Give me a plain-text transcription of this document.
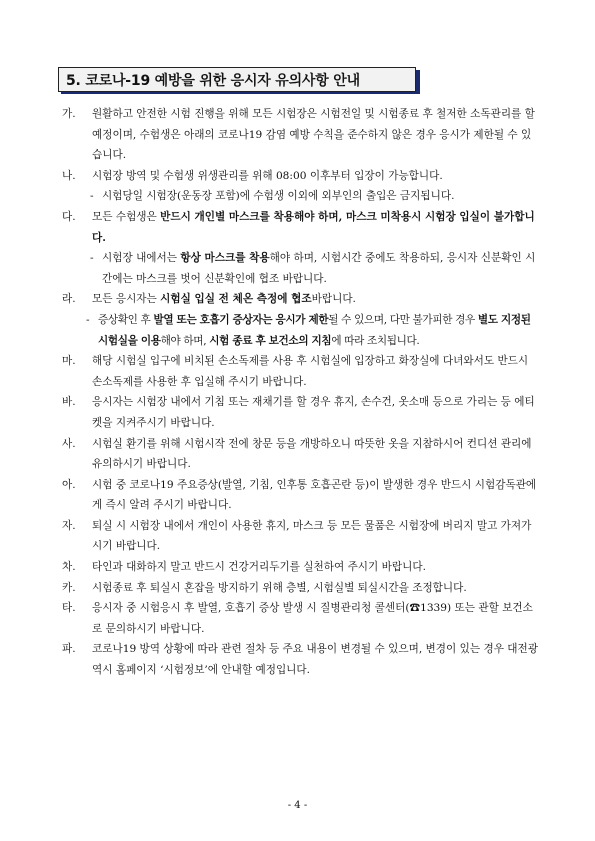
5. 코로나-19 예방을 위한 응시자 유의사항 안내
가. 원활하고 안전한 시험 진행을 위해 모든 시험장은 시험전일 및 시험종료 후 철저한 소독관리를 할 예정이며, 수험생은 아래의 코로나19 감염 예방 수칙을 준수하지 않은 경우 응시가 제한될 수 있습니다.
나. 시험장 방역 및 수험생 위생관리를 위해 08:00 이후부터 입장이 가능합니다.
- 시험당일 시험장(운동장 포함)에 수험생 이외에 외부인의 출입은 금지됩니다.
다. 모든 수험생은 반드시 개인별 마스크를 착용해야 하며, 마스크 미착용시 시험장 입실이 불가합니다.
- 시험장 내에서는 항상 마스크를 착용해야 하며, 시험시간 중에도 착용하되, 응시자 신분확인 시간에는 마스크를 벗어 신분확인에 협조 바랍니다.
라. 모든 응시자는 시험실 입실 전 체온 측정에 협조바랍니다.
- 증상확인 후 발열 또는 호흡기 증상자는 응시가 제한될 수 있으며, 다만 불가피한 경우 별도 지정된 시험실을 이용해야 하며, 시험 종료 후 보건소의 지침에 따라 조치됩니다.
마. 해당 시험실 입구에 비치된 손소독제를 사용 후 시험실에 입장하고 화장실에 다녀와서도 반드시 손소독제를 사용한 후 입실해 주시기 바랍니다.
바. 응시자는 시험장 내에서 기침 또는 재채기를 할 경우 휴지, 손수건, 옷소매 등으로 가리는 등 에티켓을 지켜주시기 바랍니다.
사. 시험실 환기를 위해 시험시작 전에 창문 등을 개방하오니 따뜻한 옷을 지참하시어 컨디션 관리에 유의하시기 바랍니다.
아. 시험 중 코로나19 주요증상(발열, 기침, 인후통 호흡곤란 등)이 발생한 경우 반드시 시험감독관에게 즉시 알려 주시기 바랍니다.
자. 퇴실 시 시험장 내에서 개인이 사용한 휴지, 마스크 등 모든 물품은 시험장에 버리지 말고 가져가시기 바랍니다.
차. 타인과 대화하지 말고 반드시 건강거리두기를 실천하여 주시기 바랍니다.
카. 시험종료 후 퇴실시 혼잡을 방지하기 위해 층별, 시험실별 퇴실시간을 조정합니다.
타. 응시자 중 시험응시 후 발열, 호흡기 증상 발생 시 질병관리청 콜센터(☎1339) 또는 관할 보건소로 문의하시기 바랍니다.
파. 코로나19 방역 상황에 따라 관련 절차 등 주요 내용이 변경될 수 있으며, 변경이 있는 경우 대전광역시 홈페이지 ‘시험정보’에 안내할 예정입니다.
- 4 -
